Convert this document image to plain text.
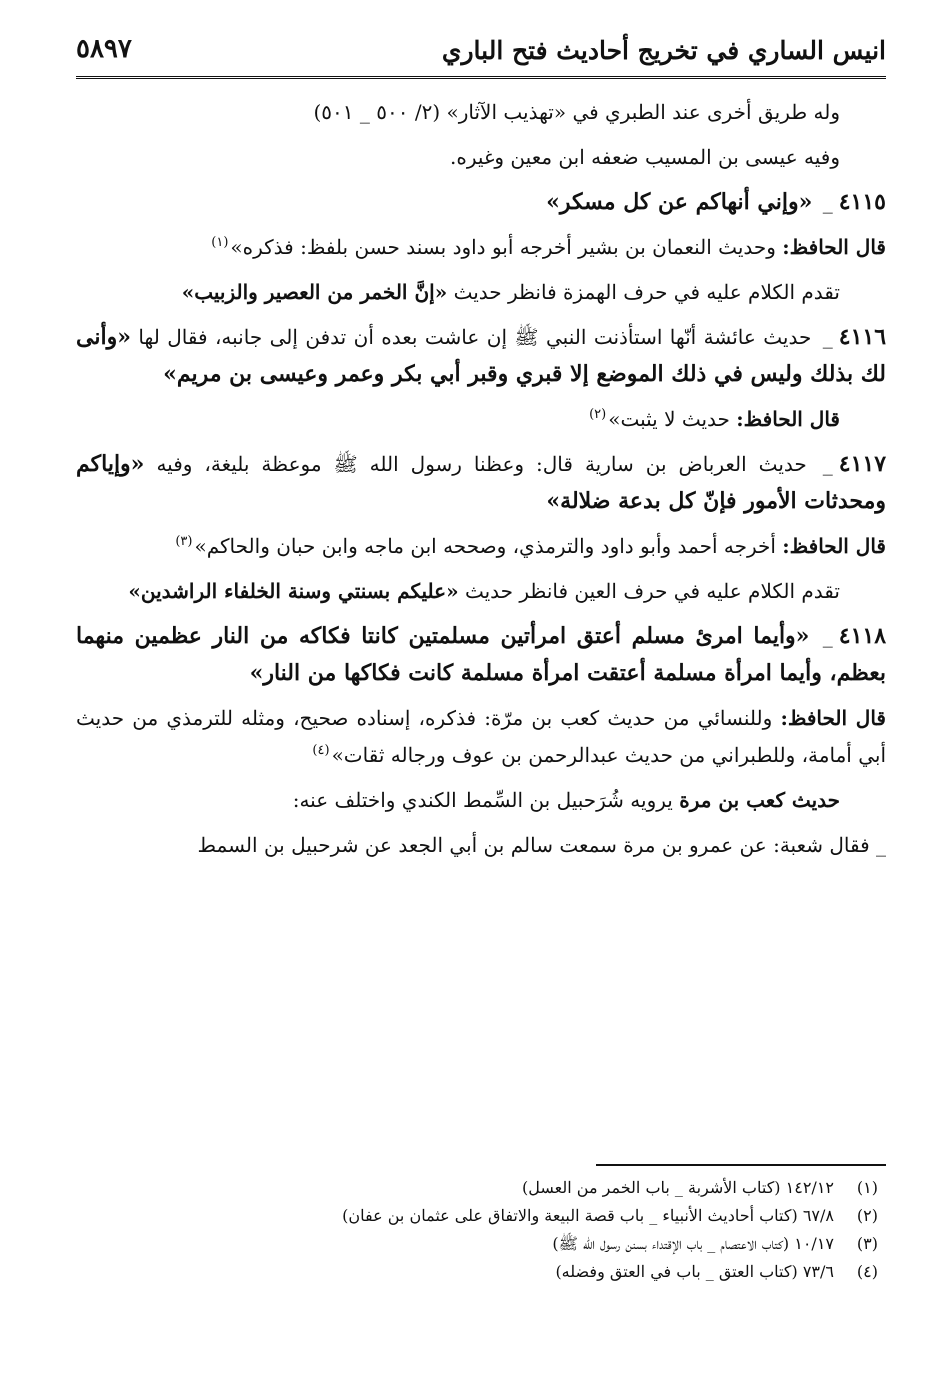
انيس الساري في تخريج أحاديث فتح الباري
٥٨٩٧

وله طريق أخرى عند الطبري في «تهذيب الآثار» (٢/ ٥٠٠ _ ٥٠١)

وفيه عيسى بن المسيب ضعفه ابن معين وغيره.

٤١١٥_ «وإني أنهاكم عن كل مسكر»

قال الحافظ: وحديث النعمان بن بشير أخرجه أبو داود بسند حسن بلفظ: فذكره»$^{(١)}$

تقدم الكلام عليه في حرف الهمزة فانظر حديث «إنَّ الخمر من العصير والزبيب»

٤١١٦_ حديث عائشة أنّها استأذنت النبي ﷺ إن عاشت بعده أن تدفن إلى جانبه، فقال لها «وأنى لك بذلك وليس في ذلك الموضع إلا قبري وقبر أبي بكر وعمر وعيسى بن مريم»

قال الحافظ: حديث لا يثبت»$^{(٢)}$

٤١١٧_ حديث العرباض بن سارية قال: وعظنا رسول الله ﷺ موعظة بليغة، وفيه «وإياكم ومحدثات الأمور فإنّ كل بدعة ضلالة»

قال الحافظ: أخرجه أحمد وأبو داود والترمذي، وصححه ابن ماجه وابن حبان والحاكم»$^{(٣)}$

تقدم الكلام عليه في حرف العين فانظر حديث «عليكم بسنتي وسنة الخلفاء الراشدين»

٤١١٨_ «وأيما امرئ مسلم أعتق امرأتين مسلمتين كانتا فكاكه من النار عظمين منهما بعظم، وأيما امرأة مسلمة أعتقت امرأة مسلمة كانت فكاكها من النار»

قال الحافظ: وللنسائي من حديث كعب بن مرّة: فذكره، إسناده صحيح، ومثله للترمذي من حديث أبي أمامة، وللطبراني من حديث عبدالرحمن بن عوف ورجاله ثقات»$^{(٤)}$

حديث كعب بن مرة يرويه شُرَحبيل بن السِّمط الكندي واختلف عنه:

_ فقال شعبة: عن عمرو بن مرة سمعت سالم بن أبي الجعد عن شرحبيل بن السمط

(١)١٤٢/١٢ (كتاب الأشربة _ باب الخمر من العسل)
(٢)٦٧/٨ (كتاب أحاديث الأنبياء _ باب قصة البيعة والاتفاق على عثمان بن عفان)
(٣)١٠/١٧ (كتاب الاعتصام _ باب الإقتداء بسنن رسول الله ﷺ)
(٤)٧٣/٦ (كتاب العتق _ باب في العتق وفضله)
